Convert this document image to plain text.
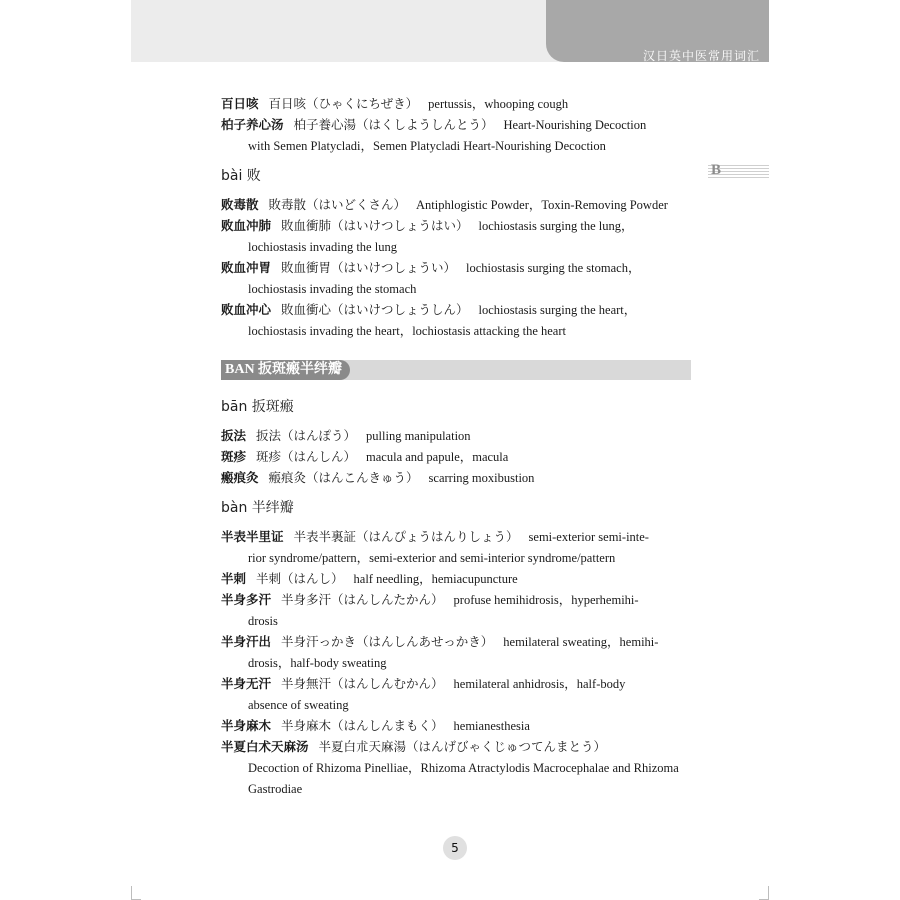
汉日英中医常用词汇
B
百日咳 百日咳（ひゃくにちぜき） pertussis，whooping cough
柏子养心汤 柏子養心湯（はくしようしんとう） Heart-Nourishing Decoction
with Semen Platycladi，Semen Platycladi Heart-Nourishing Decoction
bài 败
败毒散 敗毒散（はいどくさん） Antiphlogistic Powder，Toxin-Removing Powder
败血冲肺 敗血衝肺（はいけつしょうはい） lochiostasis surging the lung，
lochiostasis invading the lung
败血冲胃 敗血衝胃（はいけつしょうい） lochiostasis surging the stomach，
lochiostasis invading the stomach
败血冲心 敗血衝心（はいけつしょうしん） lochiostasis surging the heart，
lochiostasis invading the heart，lochiostasis attacking the heart
BAN 扳斑瘢半绊瓣
bān 扳斑瘢
扳法 扳法（はんぽう） pulling manipulation
斑疹 斑疹（はんしん） macula and papule，macula
瘢痕灸 瘢痕灸（はんこんきゅう） scarring moxibustion
bàn 半绊瓣
半表半里证 半表半裏証（はんぴょうはんりしょう） semi-exterior semi-inte-
rior syndrome/pattern，semi-exterior and semi-interior syndrome/pattern
半刺 半刺（はんし） half needling，hemiacupuncture
半身多汗 半身多汗（はんしんたかん） profuse hemihidrosis，hyperhemihi-
drosis
半身汗出 半身汗っかき（はんしんあせっかき） hemilateral sweating，hemihi-
drosis，half-body sweating
半身无汗 半身無汗（はんしんむかん） hemilateral anhidrosis，half-body
absence of sweating
半身麻木 半身麻木（はんしんまもく） hemianesthesia
半夏白术天麻汤 半夏白朮天麻湯（はんげびゃくじゅつてんまとう）
Decoction of Rhizoma Pinelliae，Rhizoma Atractylodis Macrocephalae and Rhizoma Gastrodiae
5
